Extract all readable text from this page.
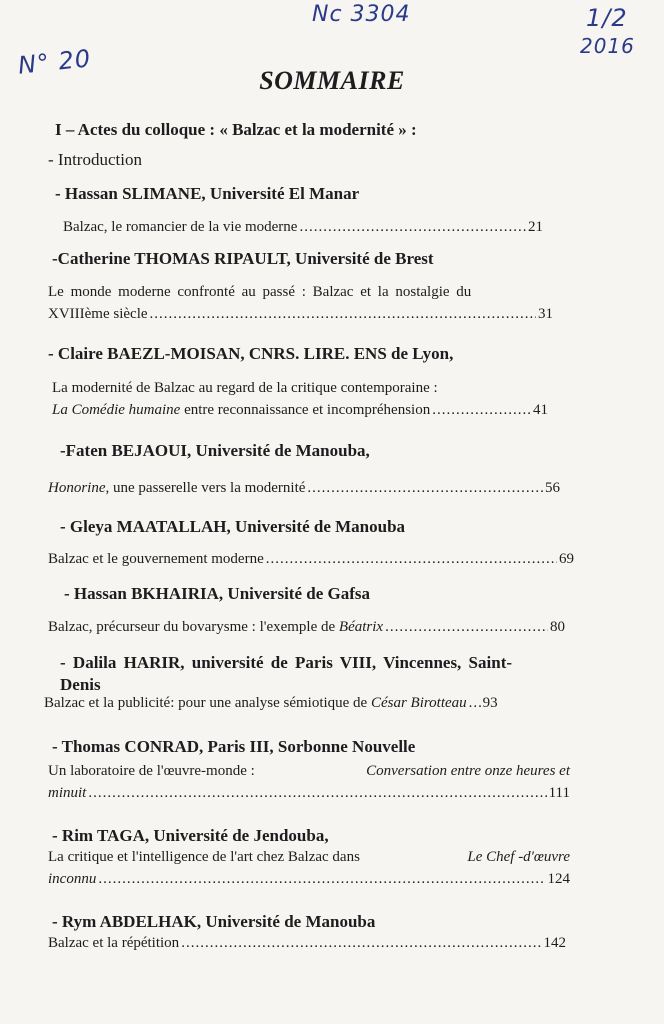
N° 20
Nc 3304	1/2
2016
SOMMAIRE
I – Actes du colloque : « Balzac et la modernité » :
- Introduction
- Hassan SLIMANE, Université El Manar
Balzac, le romancier de la vie moderne .....	21
-Catherine THOMAS RIPAULT, Université de Brest
Le monde moderne confronté au passé : Balzac et la nostalgie du
XVIIIème siècle .....	31
- Claire BAEZL-MOISAN, CNRS. LIRE. ENS de Lyon,
La modernité de Balzac au regard de la critique contemporaine :
La Comédie humaine entre reconnaissance et incompréhension .....	41
-Faten BEJAOUI, Université de Manouba,
Honorine , une passerelle vers la modernité .....	56
- Gleya MAATALLAH, Université de Manouba
Balzac et le gouvernement moderne .....	69
- Hassan BKHAIRIA, Université de Gafsa
Balzac, précurseur du bovarysme : l'exemple de Béatrix .....	80
- Dalila HARIR, université de Paris VIII, Vincennes, Saint-
Denis
Balzac et la publicité: pour une analyse sémiotique de César Birotteau ..... 93
- Thomas CONRAD, Paris III, Sorbonne Nouvelle
Un laboratoire de l'œuvre-monde :	Conversation entre onze heures et
minuit .....	111
- Rim TAGA, Université de Jendouba,
La critique et l'intelligence de l'art chez Balzac dans	Le Chef -d'œuvre
inconnu .....	124
- Rym ABDELHAK, Université de Manouba
Balzac et la répétition .....	142
